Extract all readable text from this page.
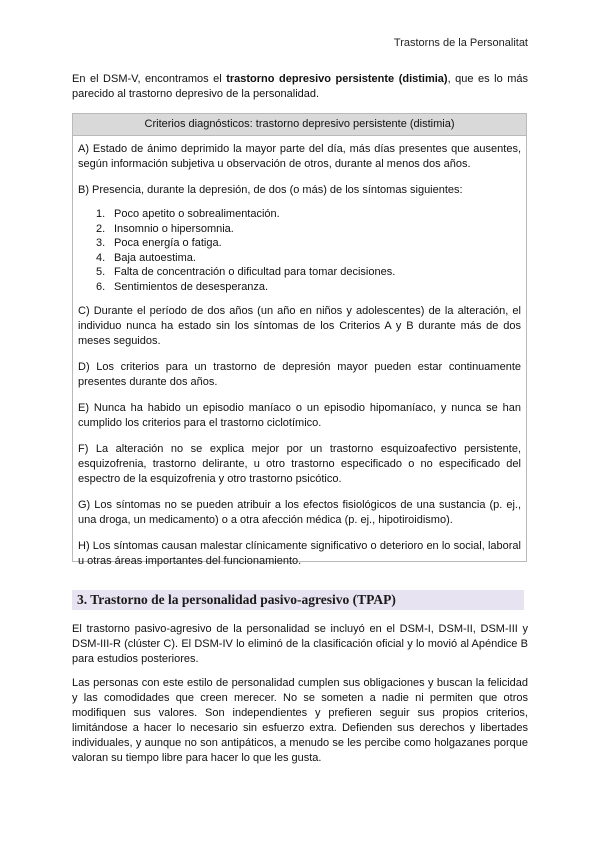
Trastorns de la Personalitat
En el DSM-V, encontramos el trastorno depresivo persistente (distimia), que es lo más parecido al trastorno depresivo de la personalidad.
Criterios diagnósticos: trastorno depresivo persistente (distimia)

A) Estado de ánimo deprimido la mayor parte del día, más días presentes que ausentes, según información subjetiva u observación de otros, durante al menos dos años.

B) Presencia, durante la depresión, de dos (o más) de los síntomas siguientes:

1. Poco apetito o sobrealimentación.
2. Insomnio o hipersomnia.
3. Poca energía o fatiga.
4. Baja autoestima.
5. Falta de concentración o dificultad para tomar decisiones.
6. Sentimientos de desesperanza.

C) Durante el período de dos años (un año en niños y adolescentes) de la alteración, el individuo nunca ha estado sin los síntomas de los Criterios A y B durante más de dos meses seguidos.

D) Los criterios para un trastorno de depresión mayor pueden estar continuamente presentes durante dos años.

E) Nunca ha habido un episodio maníaco o un episodio hipomaníaco, y nunca se han cumplido los criterios para el trastorno ciclotímico.

F) La alteración no se explica mejor por un trastorno esquizoafectivo persistente, esquizofrenia, trastorno delirante, u otro trastorno especificado o no especificado del espectro de la esquizofrenia y otro trastorno psicótico.

G) Los síntomas no se pueden atribuir a los efectos fisiológicos de una sustancia (p. ej., una droga, un medicamento) o a otra afección médica (p. ej., hipotiroidismo).

H) Los síntomas causan malestar clínicamente significativo o deterioro en lo social, laboral u otras áreas importantes del funcionamiento.

3. Trastorno de la personalidad pasivo-agresivo (TPAP)
El trastorno pasivo-agresivo de la personalidad se incluyó en el DSM-I, DSM-II, DSM-III y DSM-III-R (clúster C). El DSM-IV lo eliminó de la clasificación oficial y lo movió al Apéndice B para estudios posteriores.
Las personas con este estilo de personalidad cumplen sus obligaciones y buscan la felicidad y las comodidades que creen merecer. No se someten a nadie ni permiten que otros modifiquen sus valores. Son independientes y prefieren seguir sus propios criterios, limitándose a hacer lo necesario sin esfuerzo extra. Defienden sus derechos y libertades individuales, y aunque no son antipáticos, a menudo se les percibe como holgazanes porque valoran su tiempo libre para hacer lo que les gusta.
